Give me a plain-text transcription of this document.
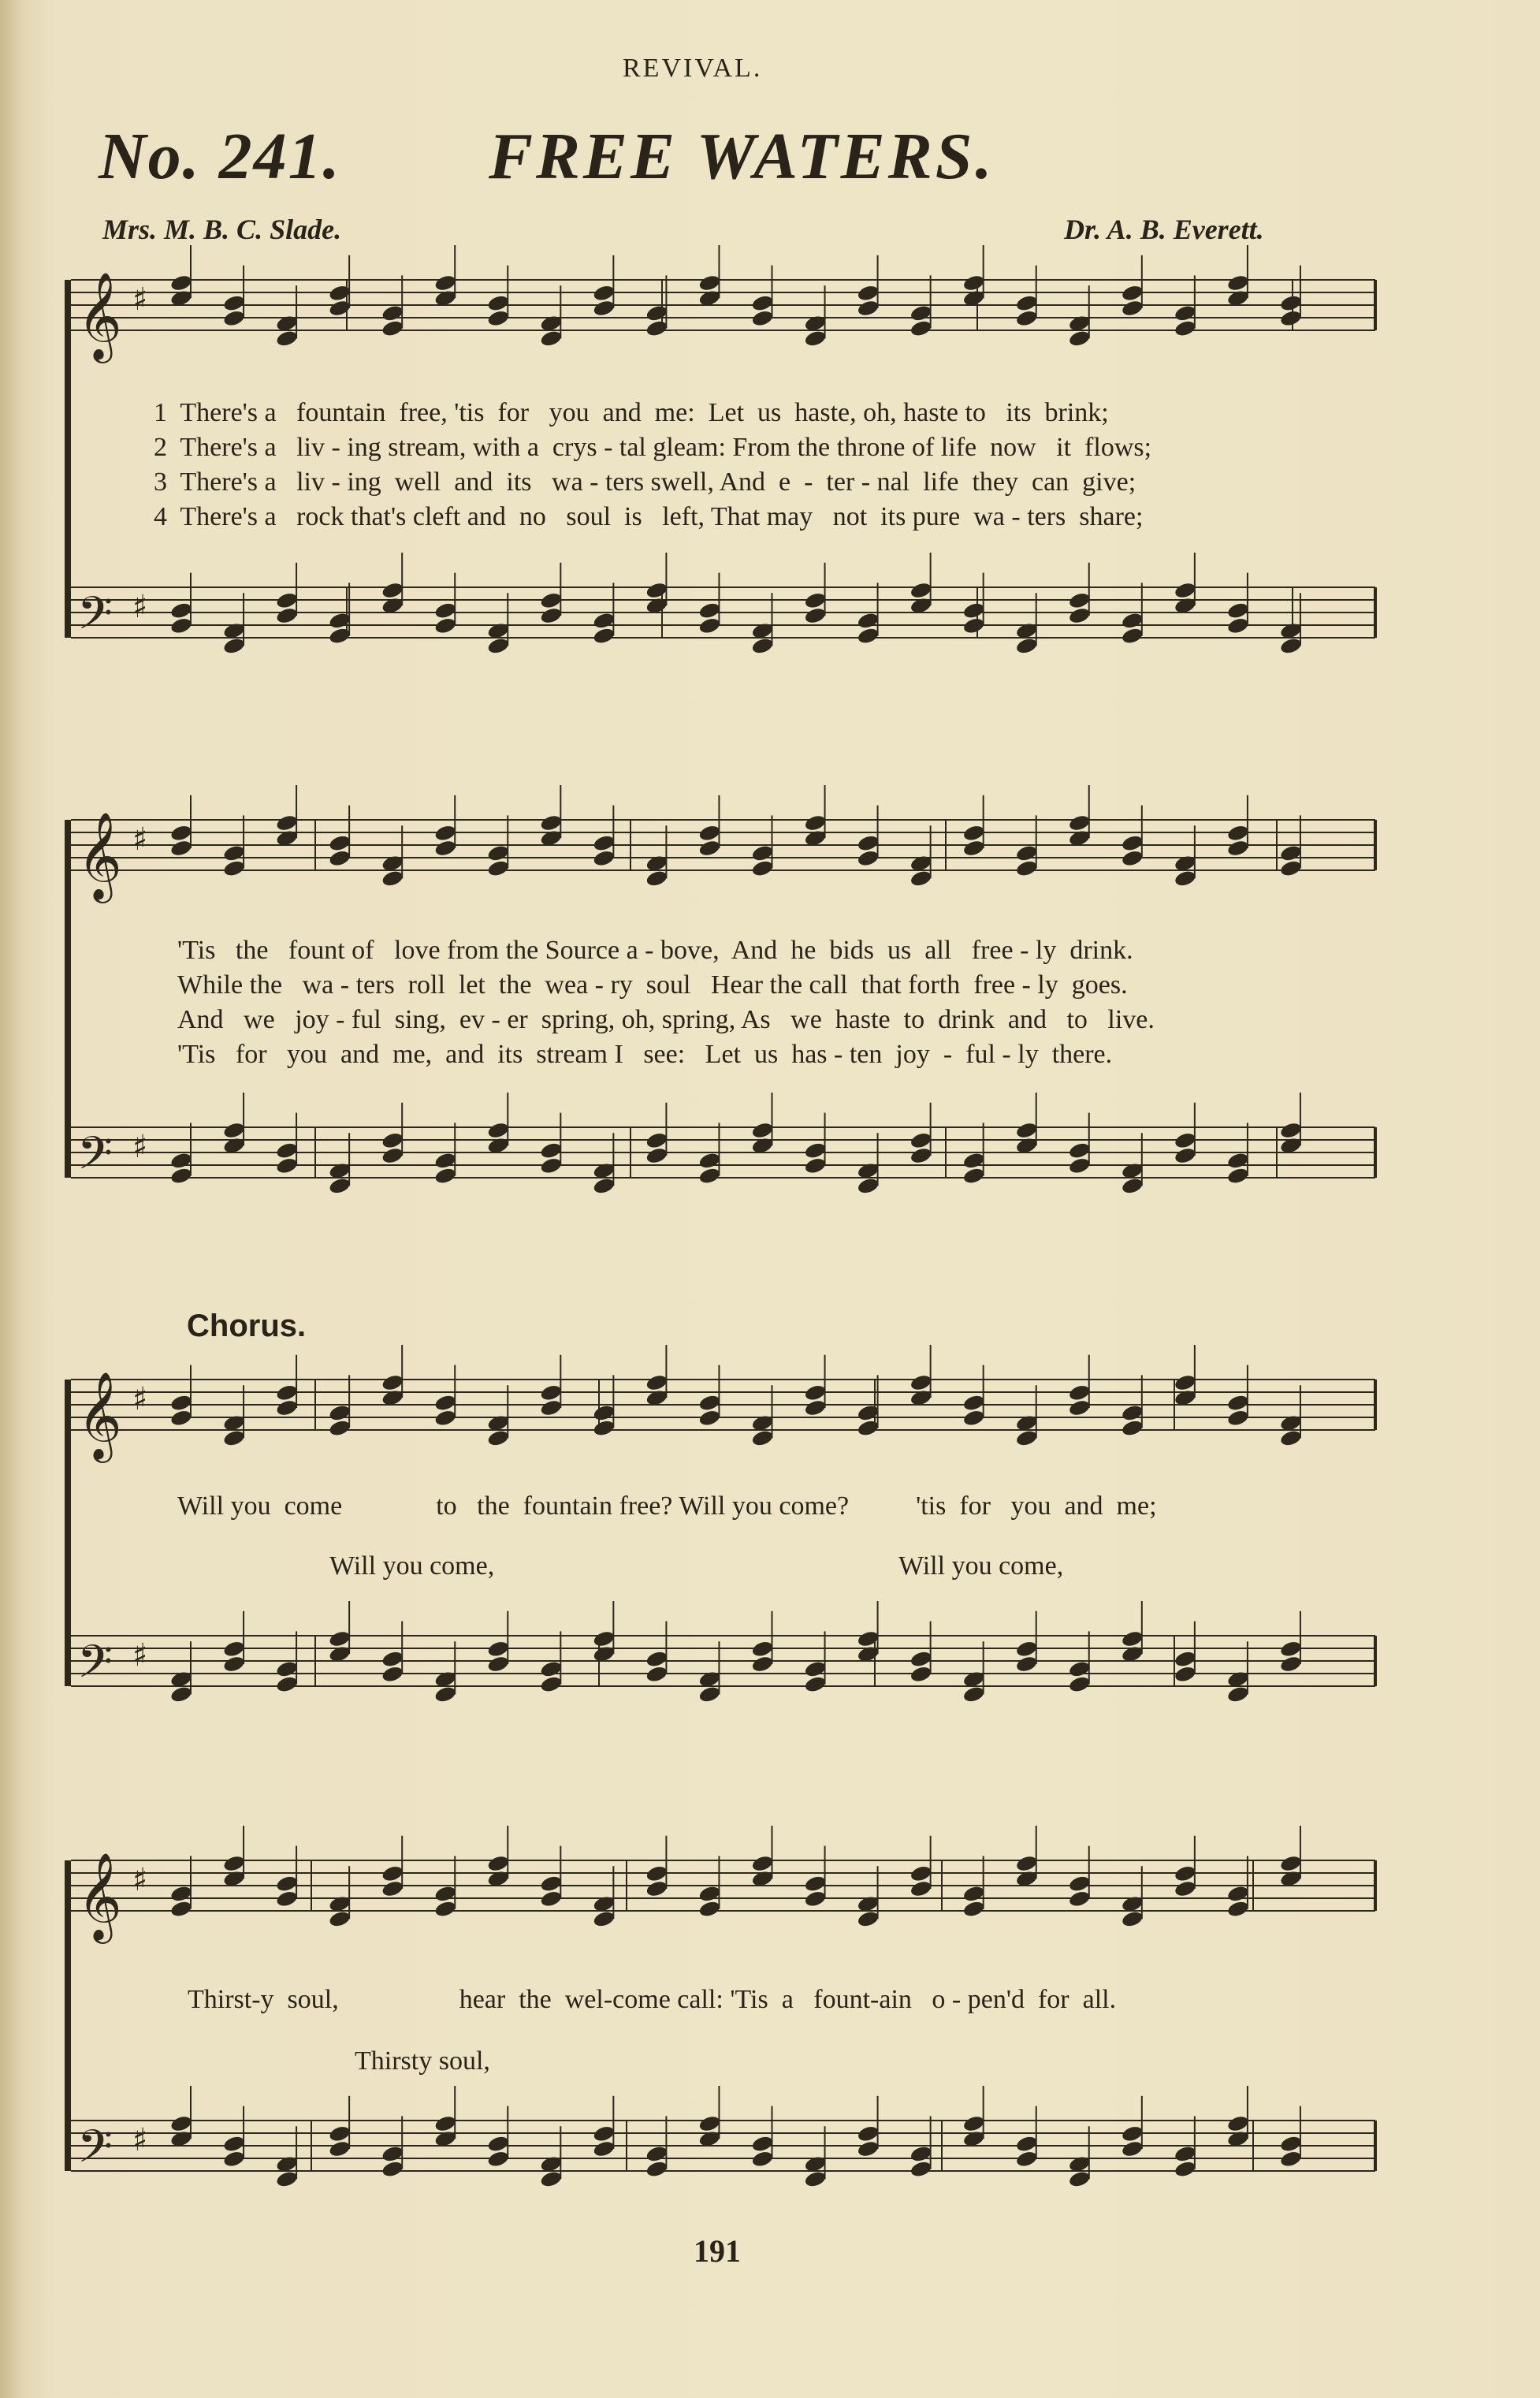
REVIVAL.
No. 241. FREE WATERS.
Mrs. M. B. C. Slade.	Dr. A. B. Everett.
𝄞 ♯
𝄢 ♯
𝄞 ♯
𝄢 ♯
𝄞 ♯
𝄢 ♯
𝄞 ♯
𝄢 ♯
1  There's a   fountain  free, 'tis  for   you  and  me:  Let  us  haste, oh, haste to   its  brink;
2  There's a   liv - ing stream, with a  crys - tal gleam: From the throne of life  now   it  flows;
3  There's a   liv - ing  well  and  its   wa - ters swell, And  e  -  ter - nal  life  they  can  give;
4  There's a   rock that's cleft and  no   soul  is   left, That may   not  its pure  wa - ters  share;
'Tis   the   fount of   love from the Source a - bove,  And  he  bids  us  all   free - ly  drink.
While the   wa - ters  roll  let  the  wea - ry  soul   Hear the call  that forth  free - ly  goes.
And   we   joy - ful  sing,  ev - er  spring, oh, spring, As   we  haste  to  drink  and   to   live.
'Tis   for   you  and  me,  and  its  stream I   see:   Let  us  has - ten  joy  -  ful - ly  there.
Chorus.
Will you  come              to   the  fountain free? Will you come?          'tis  for   you  and  me;
Will you come,	Will you come,
Thirst-y  soul,                  hear  the  wel-come call: 'Tis  a   fount-ain   o - pen'd  for  all.
Thirsty soul,
191
